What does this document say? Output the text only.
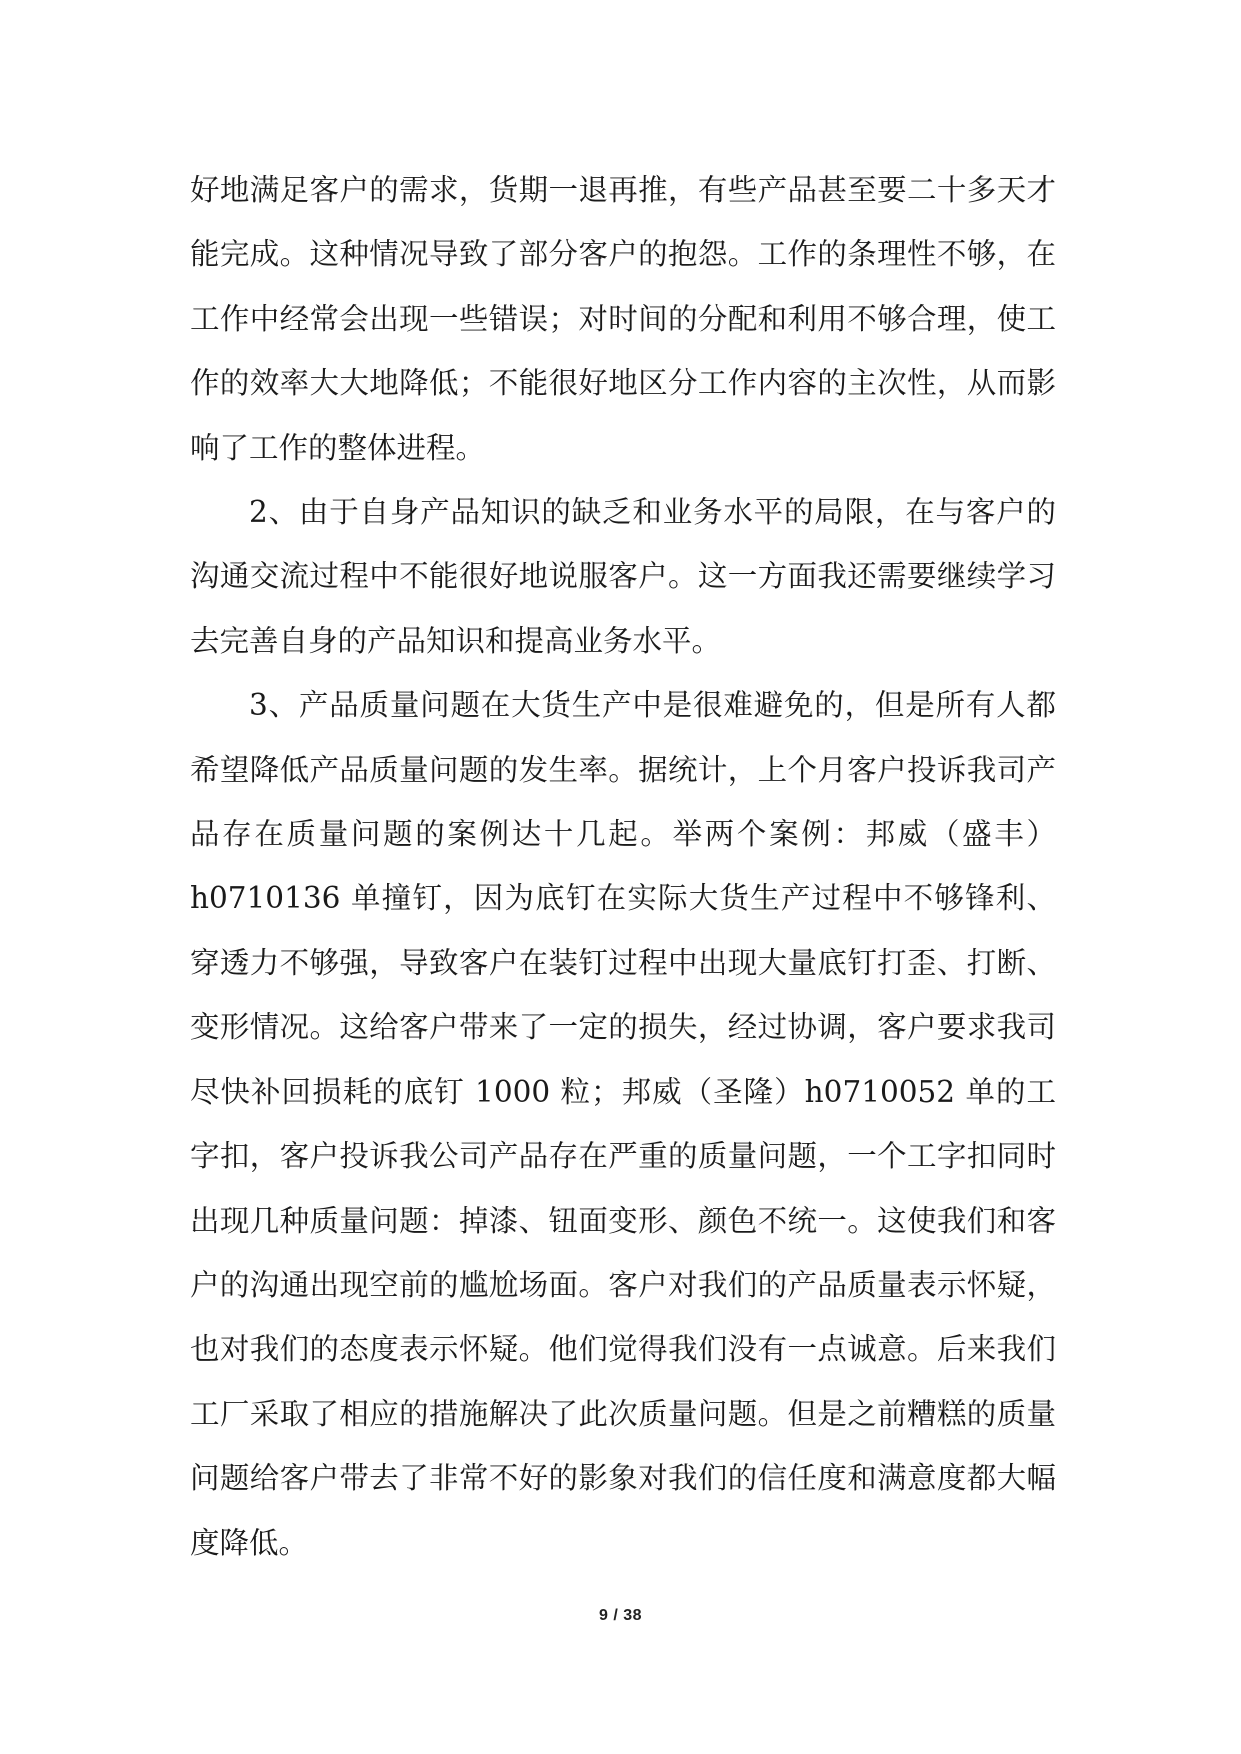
好地满足客户的需求，货期一退再推，有些产品甚至要二十多天才能完成。这种情况导致了部分客户的抱怨。工作的条理性不够，在工作中经常会出现一些错误；对时间的分配和利用不够合理，使工作的效率大大地降低；不能很好地区分工作内容的主次性，从而影响了工作的整体进程。

2、由于自身产品知识的缺乏和业务水平的局限，在与客户的沟通交流过程中不能很好地说服客户。这一方面我还需要继续学习去完善自身的产品知识和提高业务水平。

3、产品质量问题在大货生产中是很难避免的，但是所有人都希望降低产品质量问题的发生率。据统计，上个月客户投诉我司产品存在质量问题的案例达十几起。举两个案例：邦威（盛丰）h0710136 单撞钉，因为底钉在实际大货生产过程中不够锋利、穿透力不够强，导致客户在装钉过程中出现大量底钉打歪、打断、变形情况。这给客户带来了一定的损失，经过协调，客户要求我司尽快补回损耗的底钉 1000 粒；邦威（圣隆）h0710052 单的工字扣，客户投诉我公司产品存在严重的质量问题，一个工字扣同时出现几种质量问题：掉漆、钮面变形、颜色不统一。这使我们和客户的沟通出现空前的尴尬场面。客户对我们的产品质量表示怀疑，也对我们的态度表示怀疑。他们觉得我们没有一点诚意。后来我们工厂采取了相应的措施解决了此次质量问题。但是之前糟糕的质量问题给客户带去了非常不好的影象对我们的信任度和满意度都大幅度降低。

9 / 38
